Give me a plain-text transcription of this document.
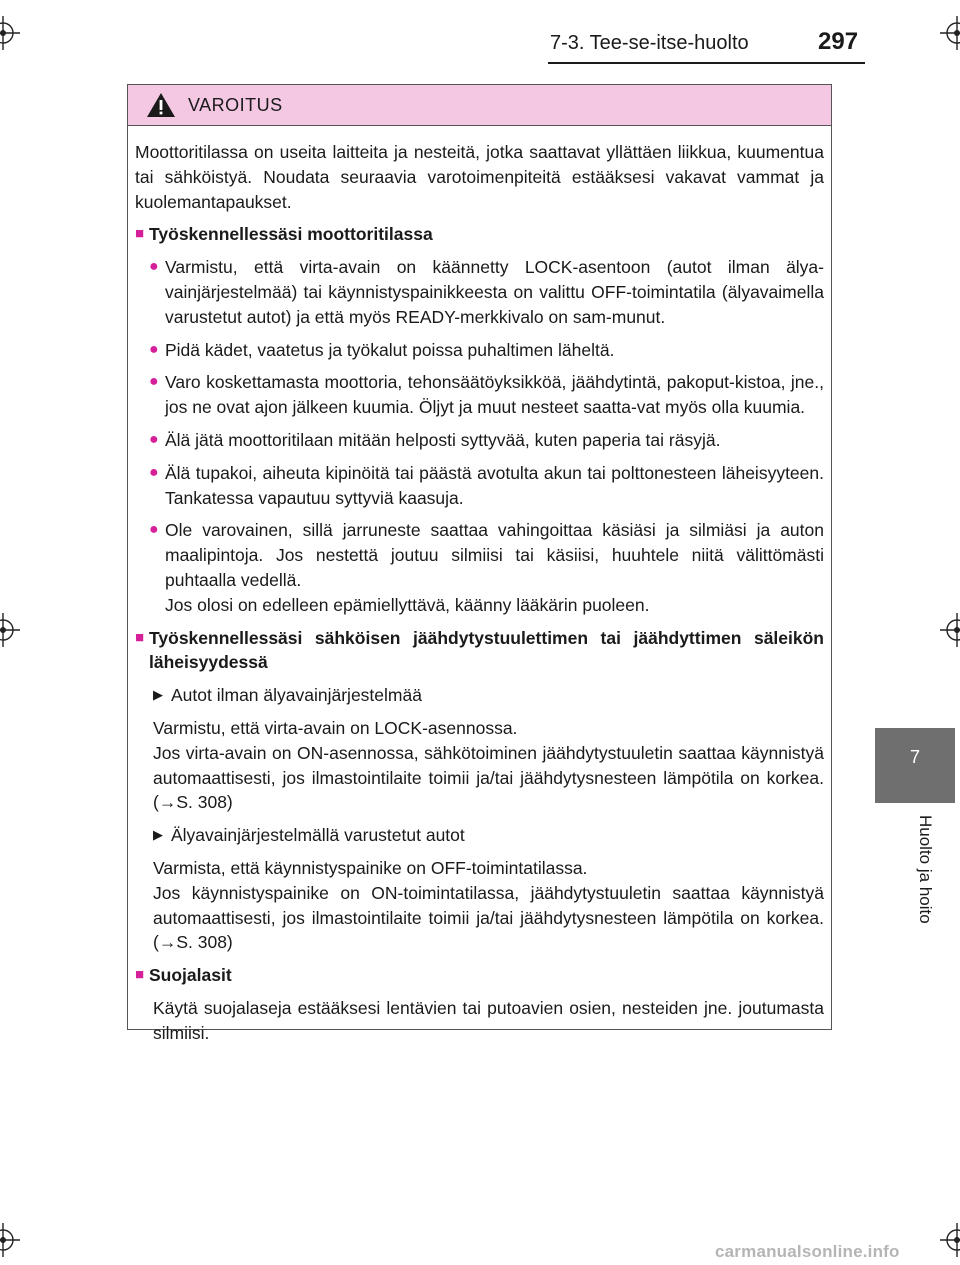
7-3. Tee-se-itse-huolto	297
7
Huolto ja hoito
VAROITUS

Moottoritilassa on useita laitteita ja nesteitä, jotka saattavat yllättäen liikkua, kuumentua tai sähköistyä. Noudata seuraavia varotoimenpiteitä estääksesi vakavat vammat ja kuolemantapaukset.

■ Työskennellessäsi moottoritilassa
● Varmistu, että virta-avain on käännetty LOCK-asentoon (autot ilman älya-vainjärjestelmää) tai käynnistyspainikkeesta on valittu OFF-toimintatila (älyavaimella varustetut autot) ja että myös READY-merkkivalo on sam-munut.
● Pidä kädet, vaatetus ja työkalut poissa puhaltimen läheltä.
● Varo koskettamasta moottoria, tehonsäätöyksikköä, jäähdytintä, pakoput-kistoa, jne., jos ne ovat ajon jälkeen kuumia. Öljyt ja muut nesteet saatta-vat myös olla kuumia.
● Älä jätä moottoritilaan mitään helposti syttyvää, kuten paperia tai räsyjä.
● Älä tupakoi, aiheuta kipinöitä tai päästä avotulta akun tai polttonesteen läheisyyteen. Tankatessa vapautuu syttyviä kaasuja.
● Ole varovainen, sillä jarruneste saattaa vahingoittaa käsiäsi ja silmiäsi ja auton maalipintoja. Jos nestettä joutuu silmiisi tai käsiisi, huuhtele niitä välittömästi puhtaalla vedellä.
Jos olosi on edelleen epämiellyttävä, käänny lääkärin puoleen.
■ Työskennellessäsi sähköisen jäähdytystuulettimen tai jäähdyttimen säleikön läheisyydessä
▶ Autot ilman älyavainjärjestelmää
Varmistu, että virta-avain on LOCK-asennossa.
Jos virta-avain on ON-asennossa, sähkötoiminen jäähdytystuuletin saattaa käynnistyä automaattisesti, jos ilmastointilaite toimii ja/tai jäähdytysnesteen lämpötila on korkea. (→S. 308)
▶ Älyavainjärjestelmällä varustetut autot
Varmista, että käynnistyspainike on OFF-toimintatilassa.
Jos käynnistyspainike on ON-toimintatilassa, jäähdytystuuletin saattaa käynnistyä automaattisesti, jos ilmastointilaite toimii ja/tai jäähdytysnesteen lämpötila on korkea. (→S. 308)
■ Suojalasit
Käytä suojalaseja estääksesi lentävien tai putoavien osien, nesteiden jne. joutumasta silmiisi.
carmanualsonline.info
